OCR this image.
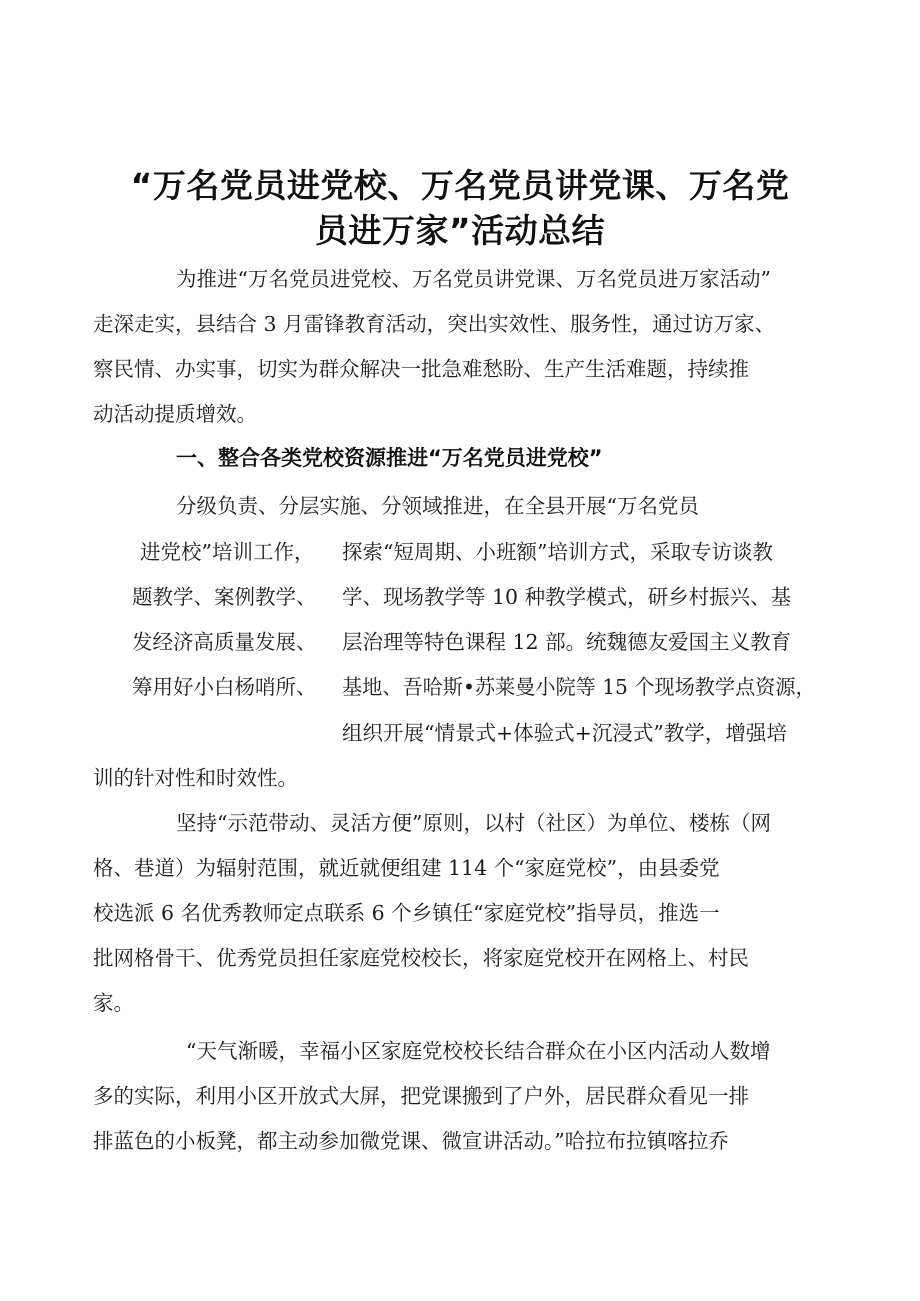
“万名党员进党校、万名党员讲党课、万名党
员进万家”活动总结
为推进“万名党员进党校、万名党员讲党课、万名党员进万家活动”
走深走实，县结合 3 月雷锋教育活动，突出实效性、服务性，通过访万家、
察民情、办实事，切实为群众解决一批急难愁盼、生产生活难题，持续推
动活动提质增效。
一、整合各类党校资源推进“万名党员进党校”
分级负责、分层实施、分领域推进，在全县开展“万名党员
进党校”培训工作，
题教学、案例教学、
发经济高质量发展、
筹用好小白杨哨所、
探索“短周期、小班额”培训方式，采取专访谈教
学、现场教学等 10 种教学模式，研乡村振兴、基
层治理等特色课程 12 部。统魏德友爱国主义教育
基地、吾哈斯•苏莱曼小院等 15 个现场教学点资源，
组织开展“情景式+体验式+沉浸式”教学，增强培
训的针对性和时效性。
坚持“示范带动、灵活方便”原则，以村（社区）为单位、楼栋（网
格、巷道）为辐射范围，就近就便组建 114 个“家庭党校”，由县委党
校选派 6 名优秀教师定点联系 6 个乡镇任“家庭党校”指导员，推选一
批网格骨干、优秀党员担任家庭党校校长，将家庭党校开在网格上、村民
家。
“天气渐暖，幸福小区家庭党校校长结合群众在小区内活动人数增
多的实际，利用小区开放式大屏，把党课搬到了户外，居民群众看见一排
排蓝色的小板凳，都主动参加微党课、微宣讲活动。”哈拉布拉镇喀拉乔
